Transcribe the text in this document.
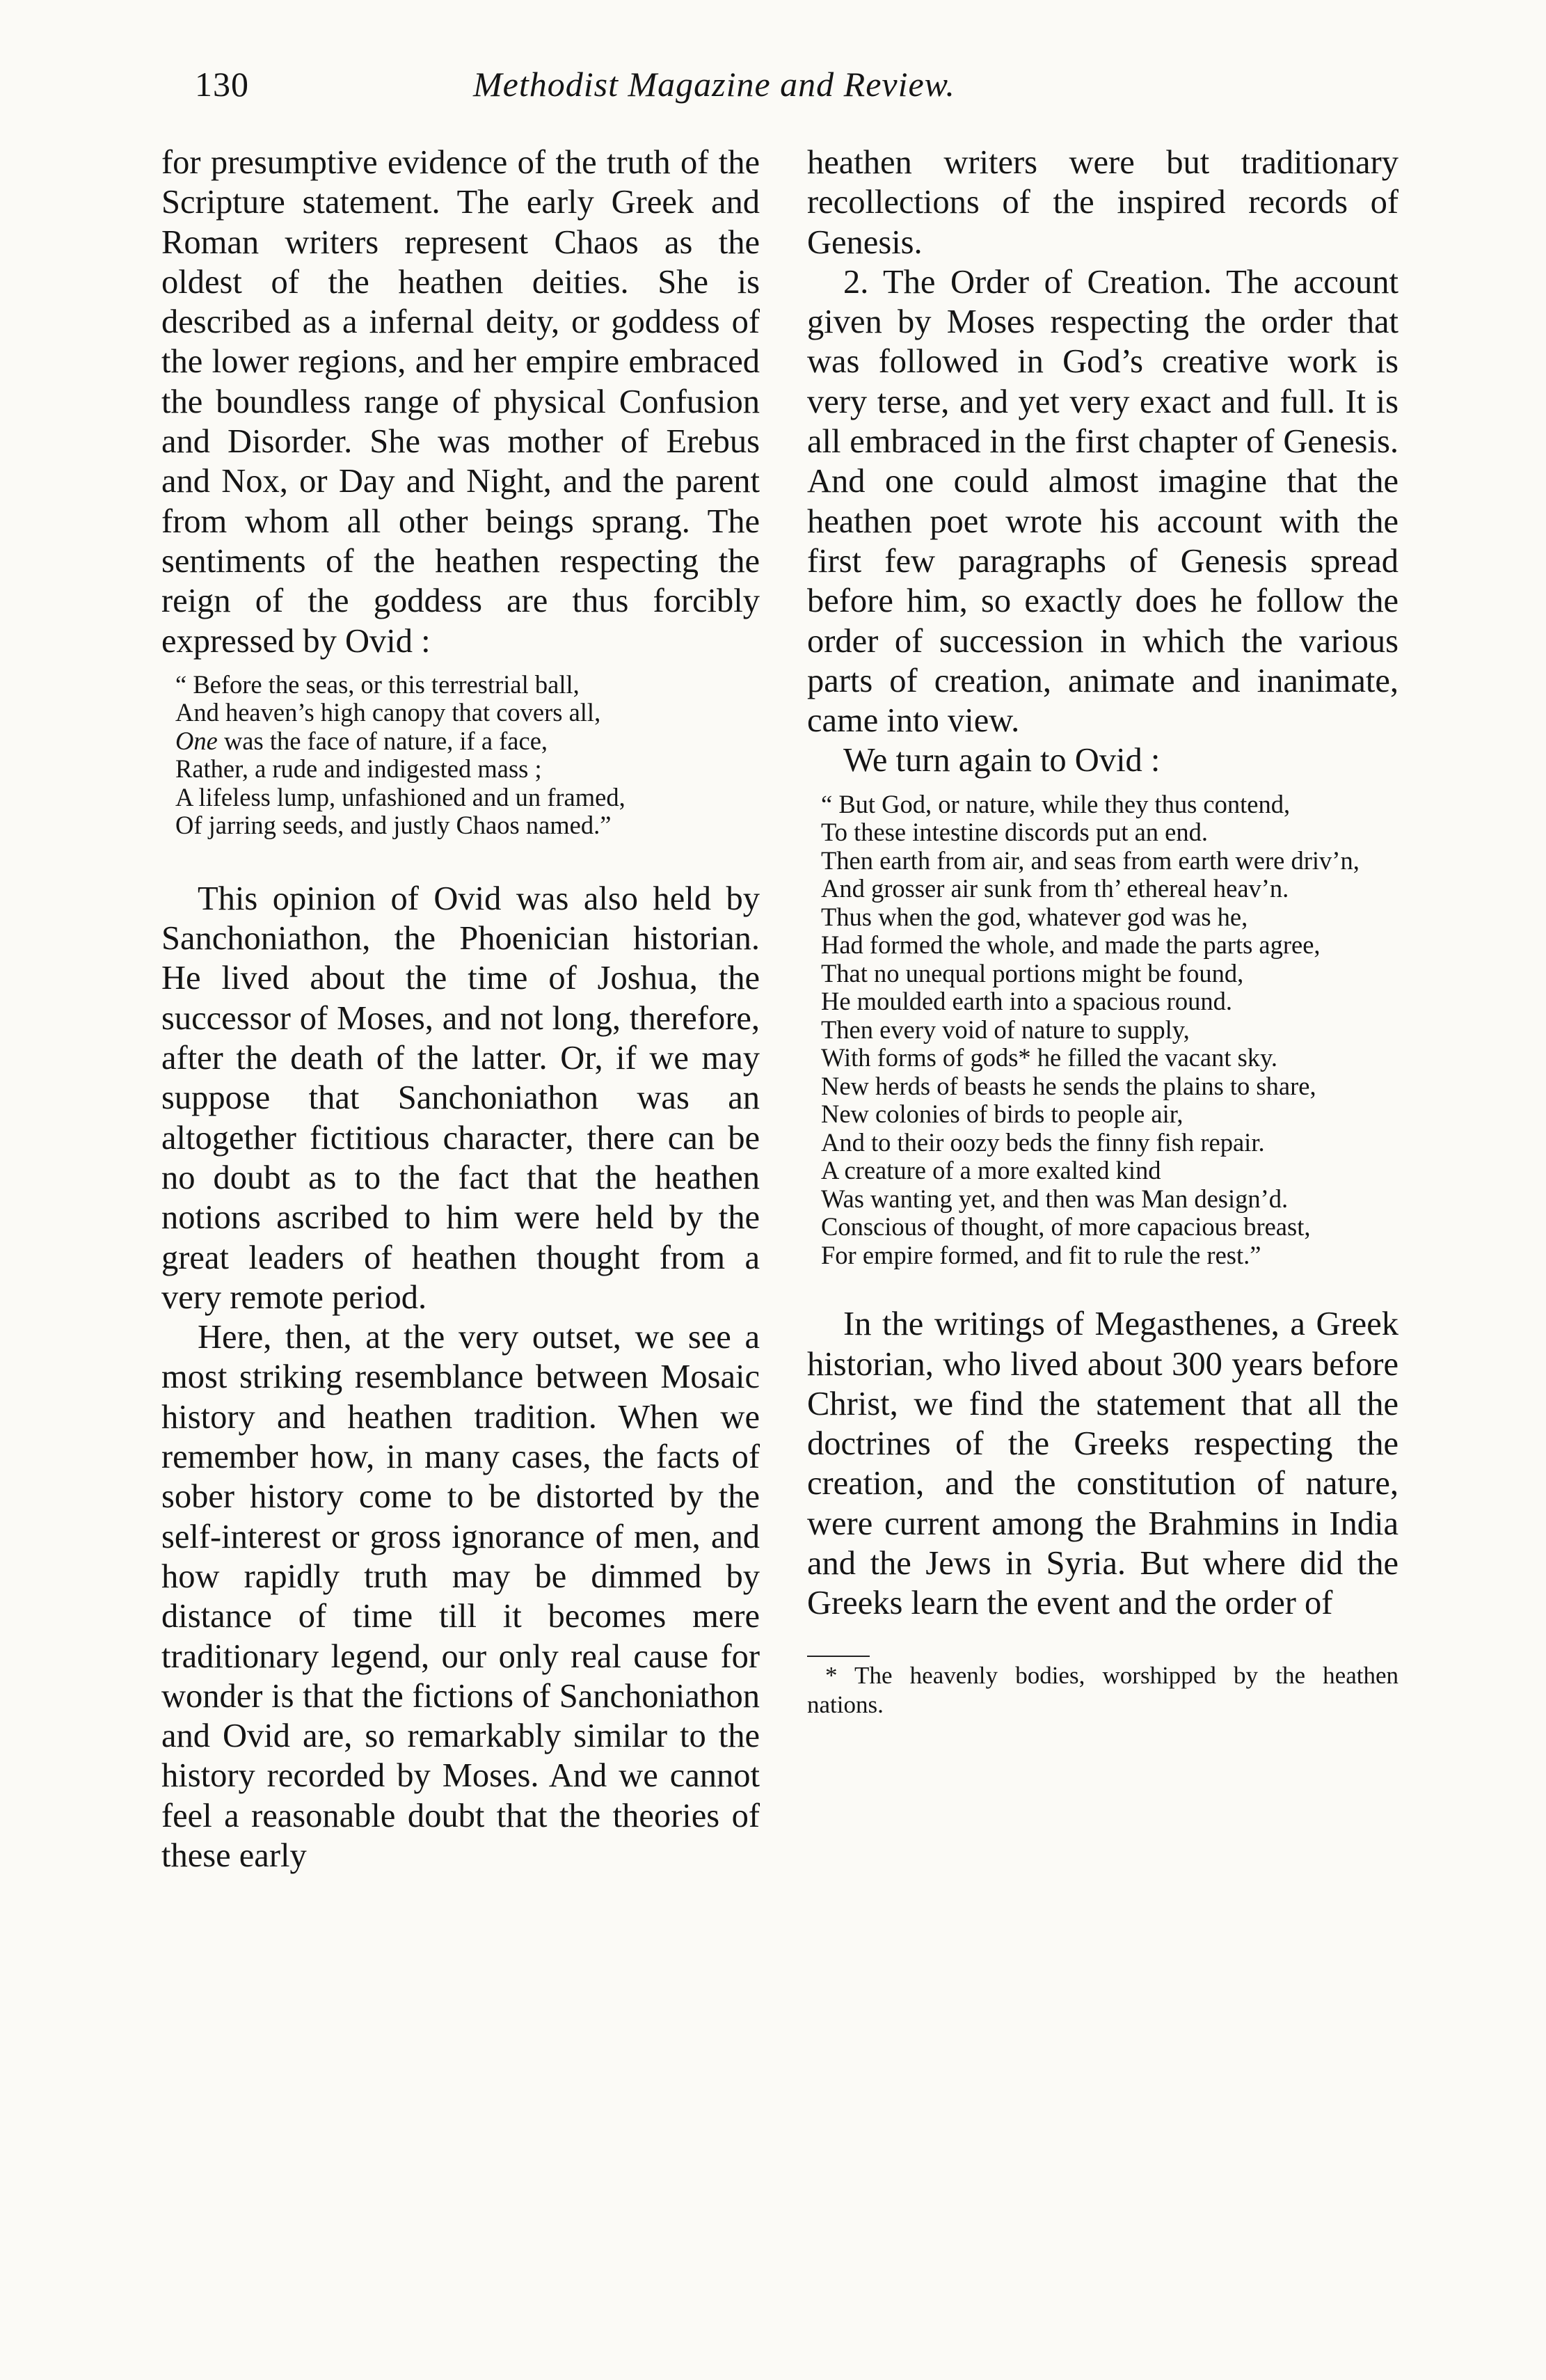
130	Methodist Magazine and Review.

for presumptive evidence of the truth of the Scripture statement. The early Greek and Roman writers represent Chaos as the oldest of the heathen deities. She is described as a infernal deity, or goddess of the lower regions, and her empire embraced the boundless range of physical Confusion and Disorder. She was mother of Erebus and Nox, or Day and Night, and the parent from whom all other beings sprang. The sentiments of the heathen respecting the reign of the goddess are thus forcibly expressed by Ovid :

“ Before the seas, or this terrestrial ball,
And heaven’s high canopy that covers all,
One was the face of nature, if a face,
Rather, a rude and indigested mass ;
A lifeless lump, unfashioned and un framed,
Of jarring seeds, and justly Chaos named.”

This opinion of Ovid was also held by Sanchoniathon, the Phoenician historian. He lived about the time of Joshua, the successor of Moses, and not long, therefore, after the death of the latter. Or, if we may suppose that Sanchoniathon was an altogether fictitious character, there can be no doubt as to the fact that the heathen notions ascribed to him were held by the great leaders of heathen thought from a very remote period.

Here, then, at the very outset, we see a most striking resemblance between Mosaic history and heathen tradition. When we remember how, in many cases, the facts of sober history come to be distorted by the self-interest or gross ignorance of men, and how rapidly truth may be dimmed by distance of time till it becomes mere traditionary legend, our only real cause for wonder is that the fictions of Sanchoniathon and Ovid are, so remarkably similar to the history recorded by Moses. And we cannot feel a reasonable doubt that the theories of these early

heathen writers were but traditionary recollections of the inspired records of Genesis.

2. The Order of Creation. The account given by Moses respecting the order that was followed in God’s creative work is very terse, and yet very exact and full. It is all embraced in the first chapter of Genesis. And one could almost imagine that the heathen poet wrote his account with the first few paragraphs of Genesis spread before him, so exactly does he follow the order of succession in which the various parts of creation, animate and inanimate, came into view.

We turn again to Ovid :

“ But God, or nature, while they thus contend,
To these intestine discords put an end.
Then earth from air, and seas from earth were driv’n,
And grosser air sunk from th’ ethereal heav’n.
Thus when the god, whatever god was he,
Had formed the whole, and made the parts agree,
That no unequal portions might be found,
He moulded earth into a spacious round.
Then every void of nature to supply,
With forms of gods* he filled the vacant sky.
New herds of beasts he sends the plains to share,
New colonies of birds to people air,
And to their oozy beds the finny fish repair.
A creature of a more exalted kind
Was wanting yet, and then was Man design’d.
Conscious of thought, of more capacious breast,
For empire formed, and fit to rule the rest.”

In the writings of Megasthenes, a Greek historian, who lived about 300 years before Christ, we find the statement that all the doctrines of the Greeks respecting the creation, and the constitution of nature, were current among the Brahmins in India and the Jews in Syria. But where did the Greeks learn the event and the order of

* The heavenly bodies, worshipped by the heathen nations.
